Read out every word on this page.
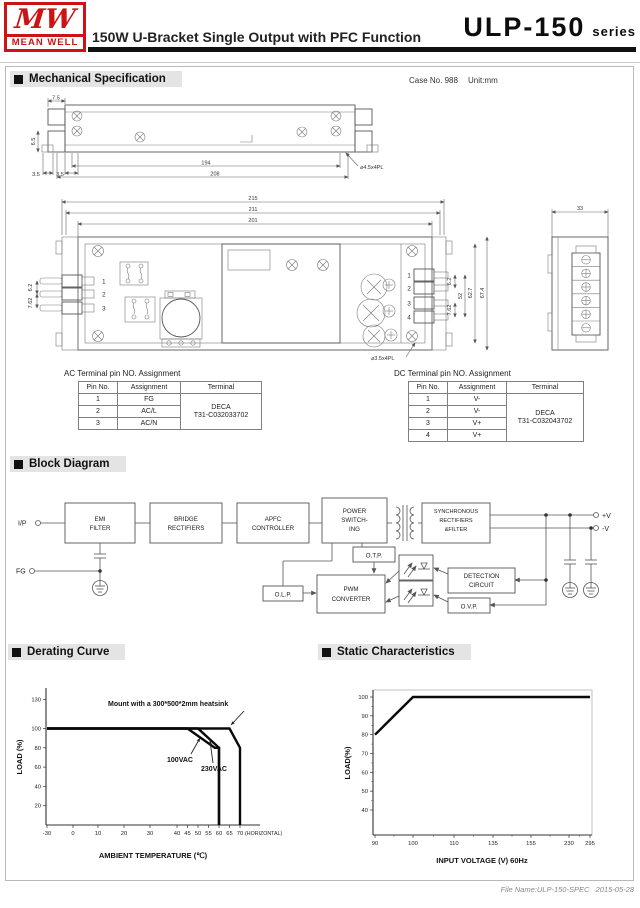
MW
MEAN WELL 150W U-Bracket Single Output with PFC Function ULP-150 series
Mechanical Specification	Case No. 988 Unit:mm
7.5
6.5
3.5	3.5
194
208
⌀4.5x4PL
215
211
201
1
2
3
6.2
7.62
1
2
3
4
6.2
7.62
52 62.7 67.4
⌀3.5x4PL
33
AC Terminal pin NO. Assignment
Pin No.	Assignment	Terminal
1	FG	DECA
T31-C032033702
2	AC/L	
3	AC/N	
DC Terminal pin NO. Assignment
Pin No.	Assignment	Terminal
1	V-	DECA
T31-C032043702
2	V-	
3	V+	
4	V+	
Block Diagram
EMI
FILTER
BRIDGE
RECTIFIERS
APFC
CONTROLLER
POWER
SWITCH-
ING
SYNCHRONOUS
RECTIFIERS
&FILTER
O.T.P.
O.L.P.
PWM
CONVERTER
DETECTION
CIRCUIT
O.V.P.
I/P
FG
+V
-V
Derating Curve	Static Characteristics
20
40
60
80
100
130
-30	0	10	20	30	40 45 50 55 60 65 70 (HORIZONTAL)
Mount with a 300*500*2mm heatsink
100VAC
230VAC
AMBIENT TEMPERATURE (℃)
LOAD (%)
40
50
60
70
80
90
100
90	100	110	135	155	230 295
INPUT VOLTAGE (V) 60Hz
LOAD(%)
File Name:ULP-150-SPEC   2015-05-28
